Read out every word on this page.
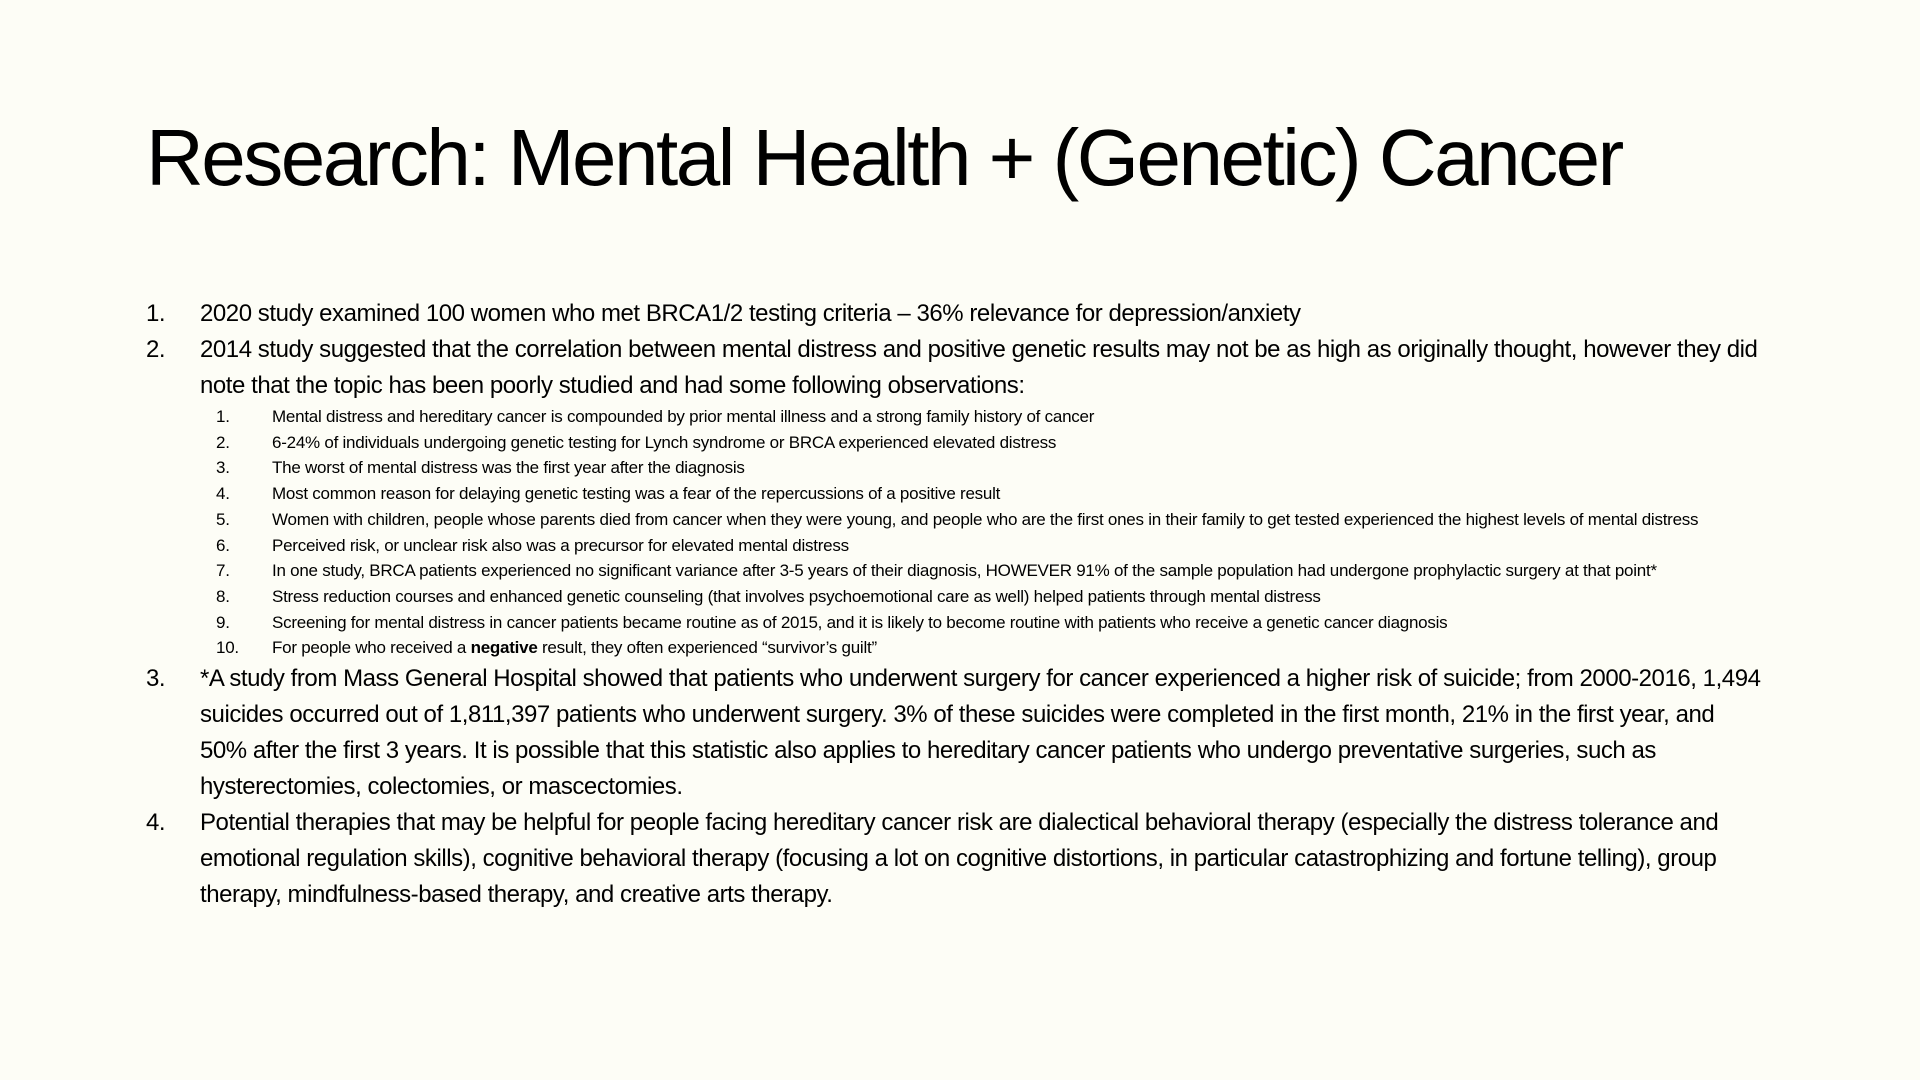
Research: Mental Health + (Genetic) Cancer
1. 2020 study examined 100 women who met BRCA1/2 testing criteria – 36% relevance for depression/anxiety
2. 2014 study suggested that the correlation between mental distress and positive genetic results may not be as high as originally thought, however they did note that the topic has been poorly studied and had some following observations:
1. Mental distress and hereditary cancer is compounded by prior mental illness and a strong family history of cancer
2. 6-24% of individuals undergoing genetic testing for Lynch syndrome or BRCA experienced elevated distress
3. The worst of mental distress was the first year after the diagnosis
4. Most common reason for delaying genetic testing was a fear of the repercussions of a positive result
5. Women with children, people whose parents died from cancer when they were young, and people who are the first ones in their family to get tested experienced the highest levels of mental distress
6. Perceived risk, or unclear risk also was a precursor for elevated mental distress
7. In one study, BRCA patients experienced no significant variance after 3-5 years of their diagnosis, HOWEVER 91% of the sample population had undergone prophylactic surgery at that point*
8. Stress reduction courses and enhanced genetic counseling (that involves psychoemotional care as well) helped patients through mental distress
9. Screening for mental distress in cancer patients became routine as of 2015, and it is likely to become routine with patients who receive a genetic cancer diagnosis
10. For people who received a negative result, they often experienced “survivor’s guilt”
3. *A study from Mass General Hospital showed that patients who underwent surgery for cancer experienced a higher risk of suicide; from 2000-2016, 1,494 suicides occurred out of 1,811,397 patients who underwent surgery. 3% of these suicides were completed in the first month, 21% in the first year, and 50% after the first 3 years. It is possible that this statistic also applies to hereditary cancer patients who undergo preventative surgeries, such as hysterectomies, colectomies, or mascectomies.
4. Potential therapies that may be helpful for people facing hereditary cancer risk are dialectical behavioral therapy (especially the distress tolerance and emotional regulation skills), cognitive behavioral therapy (focusing a lot on cognitive distortions, in particular catastrophizing and fortune telling), group therapy, mindfulness-based therapy, and creative arts therapy.
